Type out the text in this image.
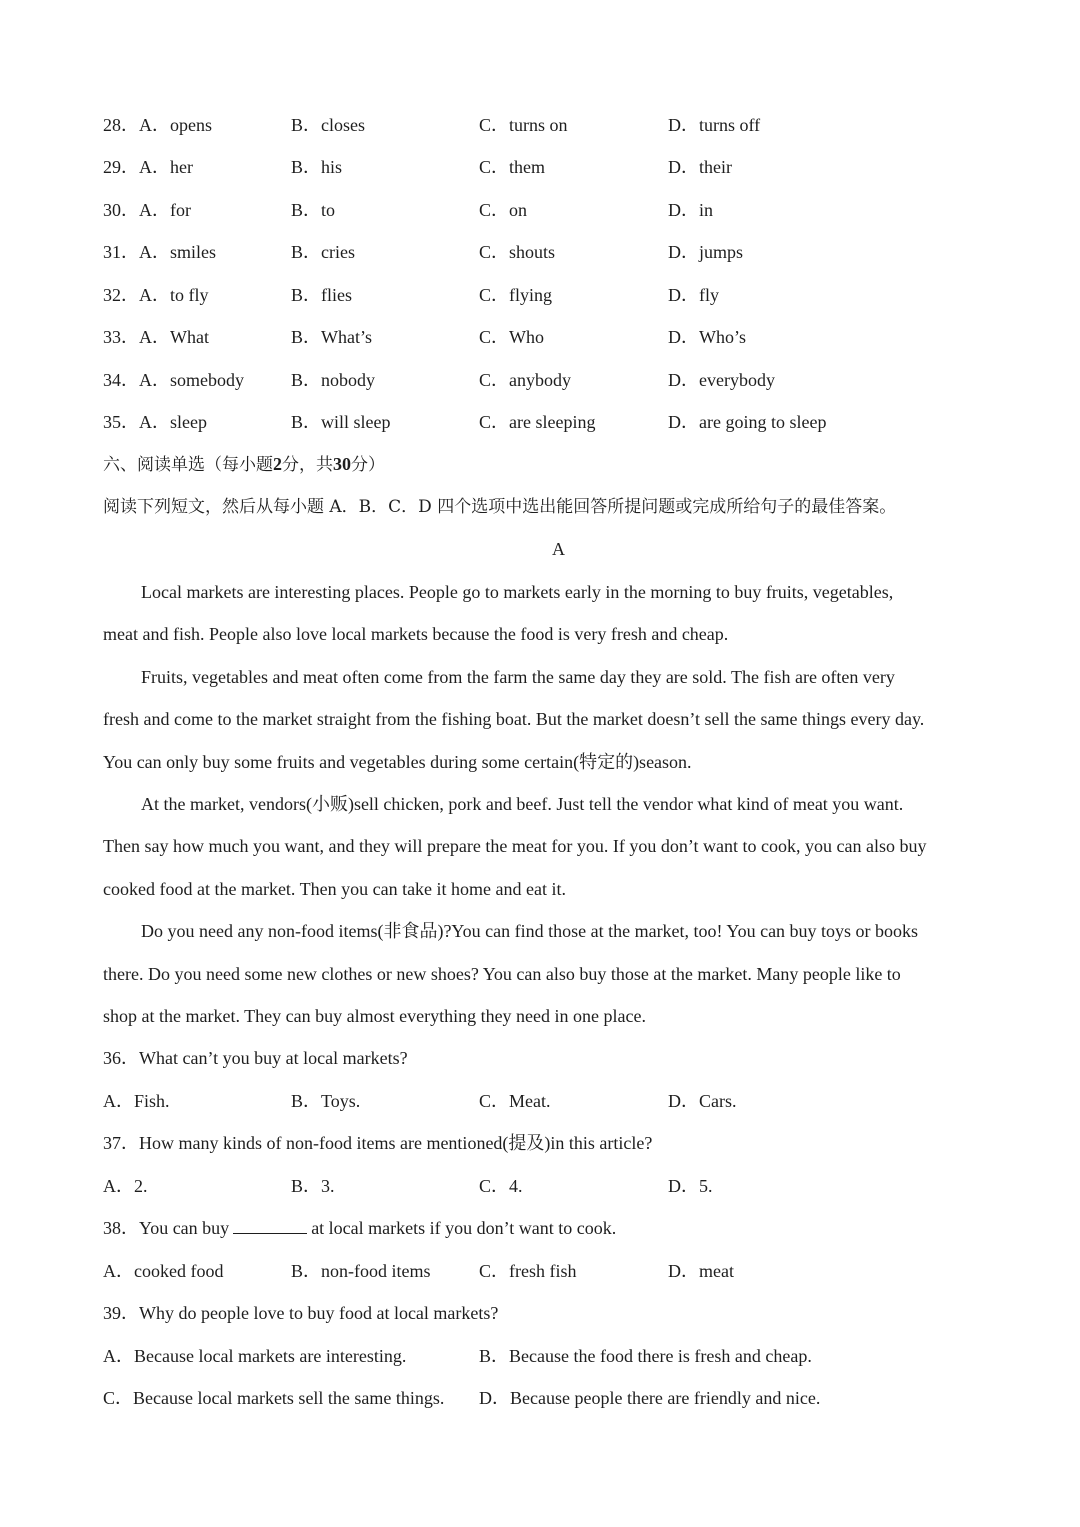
28．A．opens	B．closes	C．turns on	D．turns off
29．A．her	B．his	C．them	D．their
30．A．for	B．to	C．on	D．in
31．A．smiles	B．cries	C．shouts	D．jumps
32．A．to fly	B．flies	C．flying	D．fly
33．A．What	B．What’s	C．Who	D．Who’s
34．A．somebody	B．nobody	C．anybody	D．everybody
35．A．sleep	B．will sleep	C．are sleeping	D．are going to sleep
六、阅读单选（每小题2分，共30分）
阅读下列短文，然后从每小题 A．B．C．D 四个选项中选出能回答所提问题或完成所给句子的最佳答案。
A
Local markets are interesting places. People go to markets early in the morning to buy fruits, vegetables,
meat and fish. People also love local markets because the food is very fresh and cheap.
Fruits, vegetables and meat often come from the farm the same day they are sold. The fish are often very
fresh and come to the market straight from the fishing boat. But the market doesn’t sell the same things every day.
You can only buy some fruits and vegetables during some certain(特定的)season.
At the market, vendors(小贩)sell chicken, pork and beef. Just tell the vendor what kind of meat you want.
Then say how much you want, and they will prepare the meat for you. If you don’t want to cook, you can also buy
cooked food at the market. Then you can take it home and eat it.
Do you need any non-food items(非食品)?You can find those at the market, too! You can buy toys or books
there. Do you need some new clothes or new shoes? You can also buy those at the market. Many people like to
shop at the market. They can buy almost everything they need in one place.
36．What can’t you buy at local markets?
A．Fish.	B．Toys.	C．Meat.	D．Cars.
37．How many kinds of non-food items are mentioned(提及)in this article?
A．2.	B．3.	C．4.	D．5.
38．You can buy	at local markets if you don’t want to cook.
A．cooked food	B．non-food items	C．fresh fish	D．meat
39．Why do people love to buy food at local markets?
A．Because local markets are interesting.	B．Because the food there is fresh and cheap.
C．Because local markets sell the same things. D．Because people there are friendly and nice.
